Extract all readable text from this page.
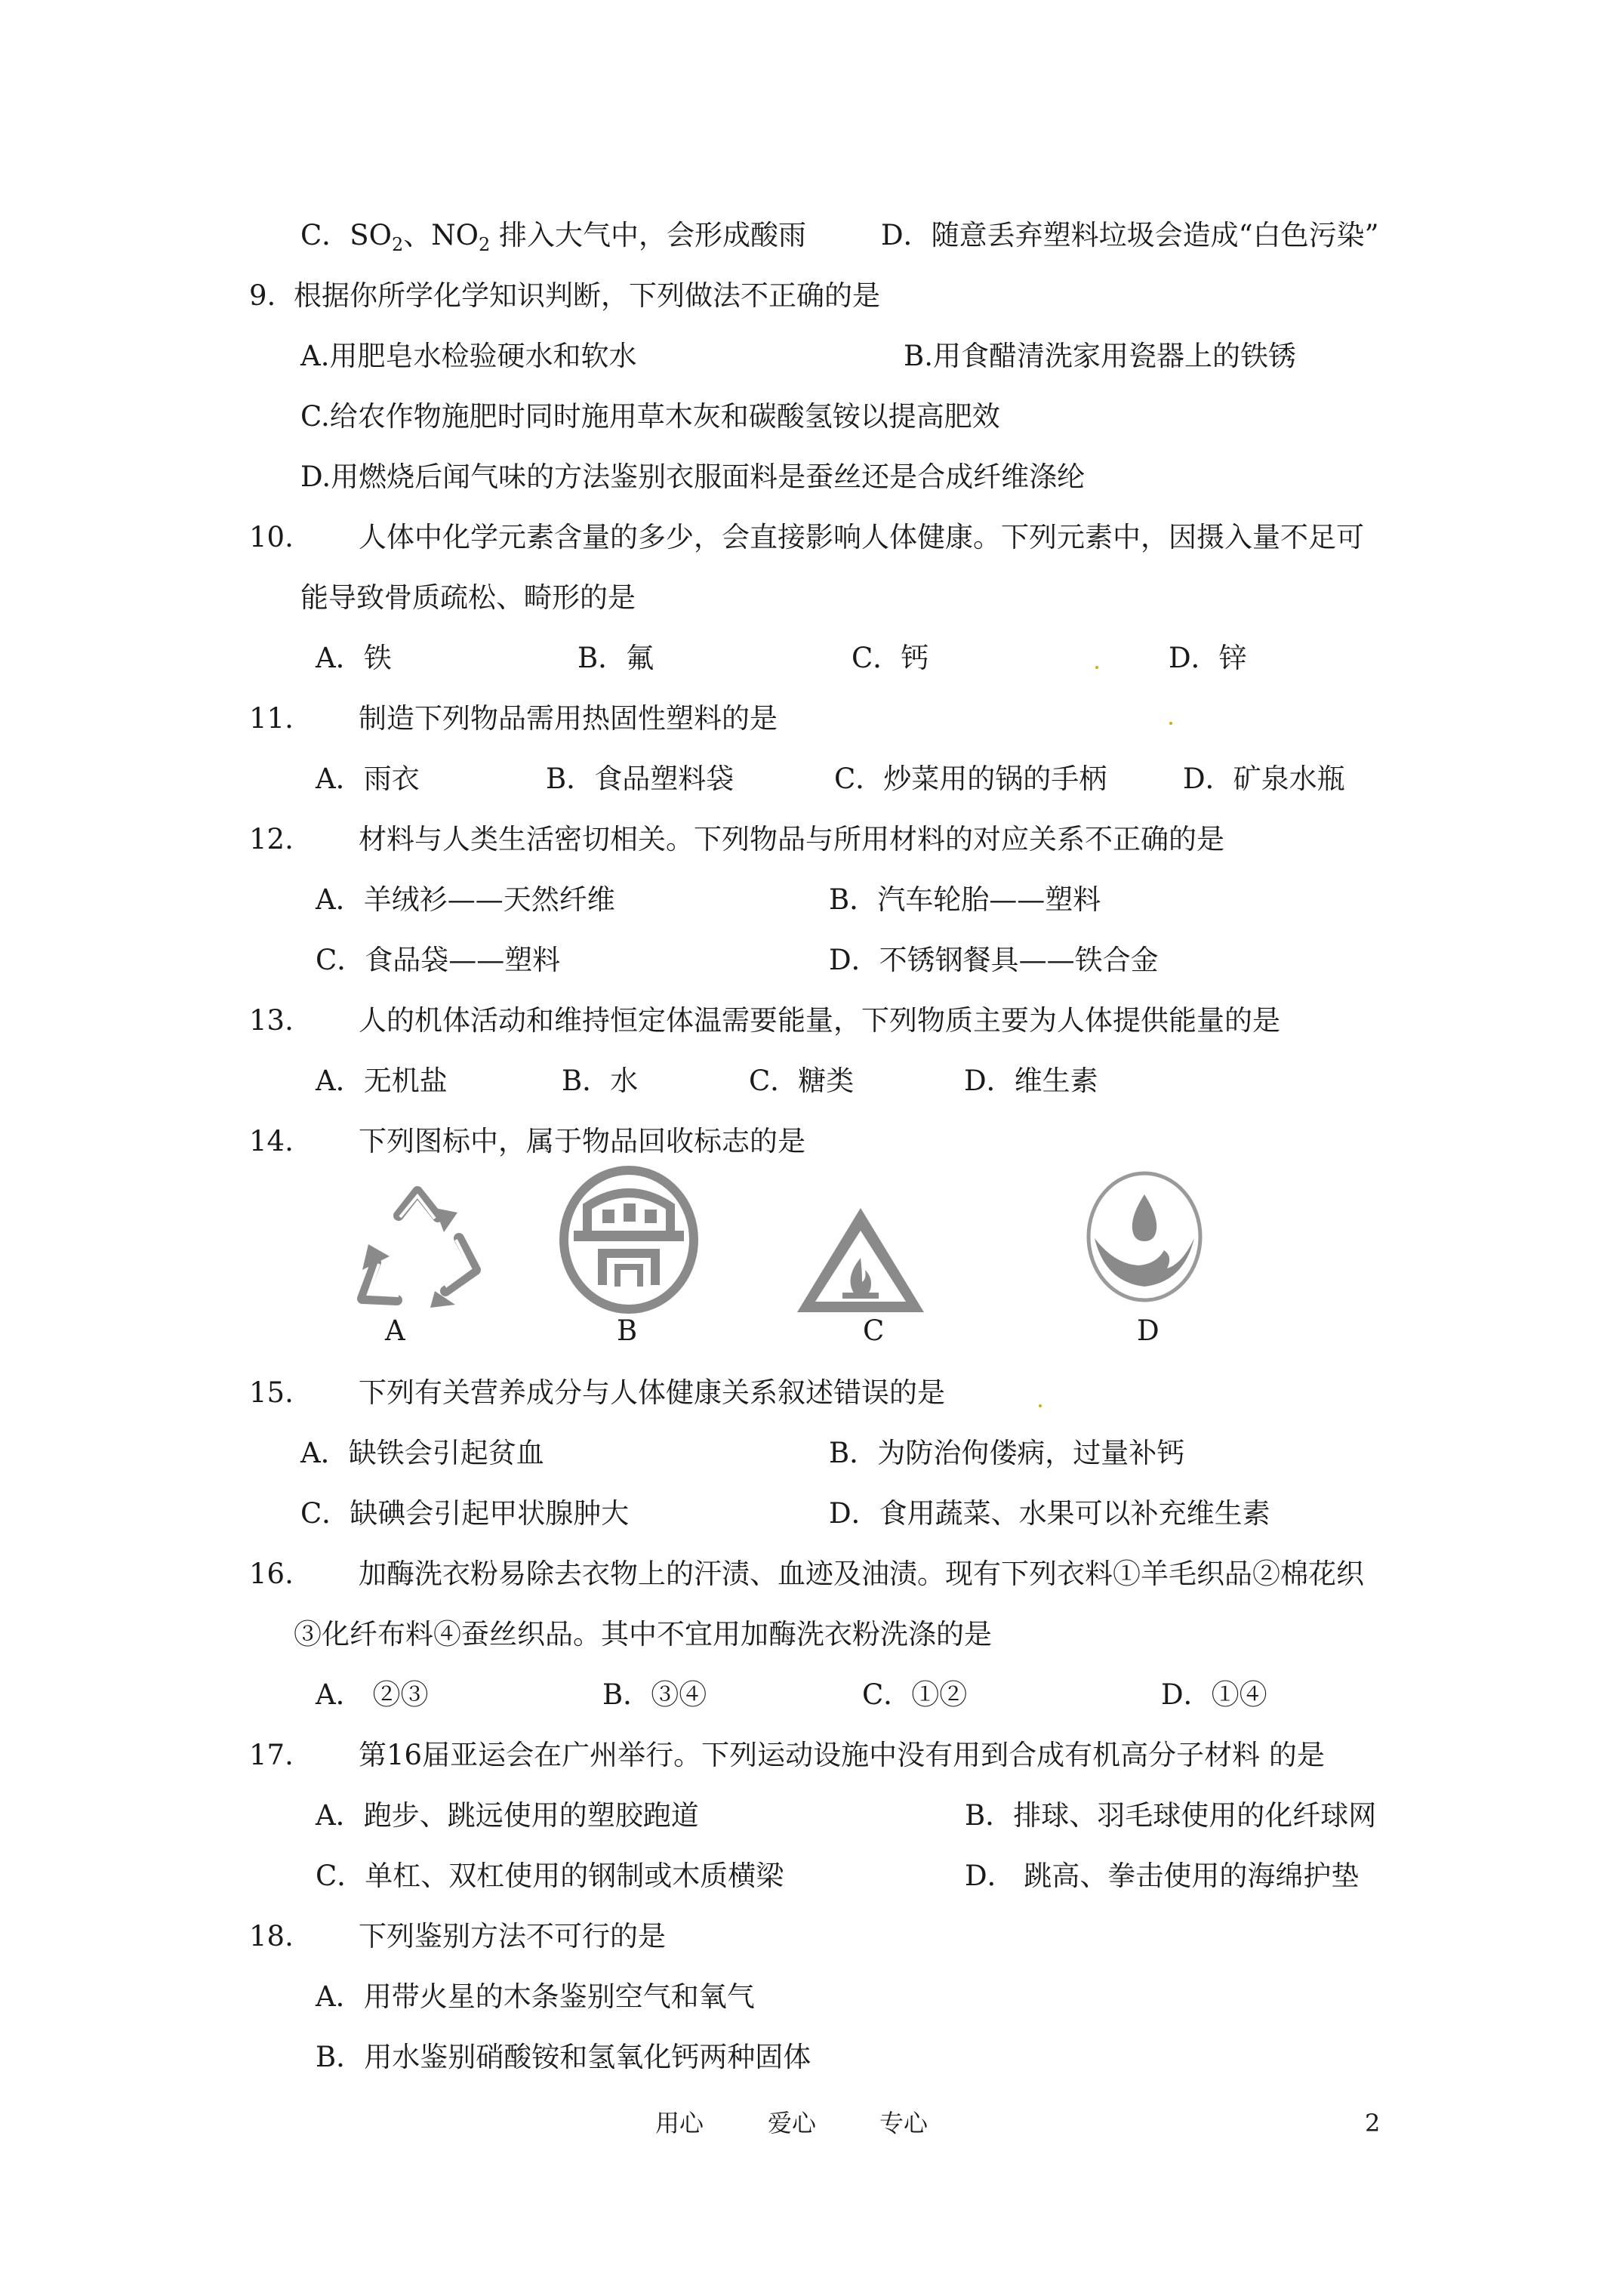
C．$SO_2$、$NO_2$ 排入大气中，会形成酸雨	D．随意丢弃塑料垃圾会造成“白色污染”
9. 根据你所学化学知识判断，下列做法不正确的是
A.用肥皂水检验硬水和软水	B.用食醋清洗家用瓷器上的铁锈
C.给农作物施肥时同时施用草木灰和碳酸氢铵以提高肥效
D.用燃烧后闻气味的方法鉴别衣服面料是蚕丝还是合成纤维涤纶
10. 人体中化学元素含量的多少，会直接影响人体健康。下列元素中，因摄入量不足可
能导致骨质疏松、畸形的是
A．铁	B．氟	C．钙	D．锌
11. 制造下列物品需用热固性塑料的是
A．雨衣	B．食品塑料袋	C．炒菜用的锅的手柄	D．矿泉水瓶
12. 材料与人类生活密切相关。下列物品与所用材料的对应关系不正确的是
A．羊绒衫——天然纤维	B．汽车轮胎——塑料
C．食品袋——塑料	D．不锈钢餐具——铁合金
13. 人的机体活动和维持恒定体温需要能量，下列物质主要为人体提供能量的是
A．无机盐	B．水	C．糖类	D．维生素
14. 下列图标中，属于物品回收标志的是
A	B	C	D
15. 下列有关营养成分与人体健康关系叙述错误的是
A．缺铁会引起贫血	B．为防治佝偻病，过量补钙
C．缺碘会引起甲状腺肿大	D．食用蔬菜、水果可以补充维生素
16. 加酶洗衣粉易除去衣物上的汗渍、血迹及油渍。现有下列衣料①羊毛织品②棉花织
③化纤布料④蚕丝织品。其中不宜用加酶洗衣粉洗涤的是
A． ②③	B．③④	C．①②	D．①④
17. 第16届亚运会在广州举行。下列运动设施中没有用到合成有机高分子材料 的是
A．跑步、跳远使用的塑胶跑道	B．排球、羽毛球使用的化纤球网
C．单杠、双杠使用的钢制或木质横梁	D． 跳高、拳击使用的海绵护垫
18. 下列鉴别方法不可行的是
A．用带火星的木条鉴别空气和氧气
B．用水鉴别硝酸铵和氢氧化钙两种固体
用心	爱心	专心	2
